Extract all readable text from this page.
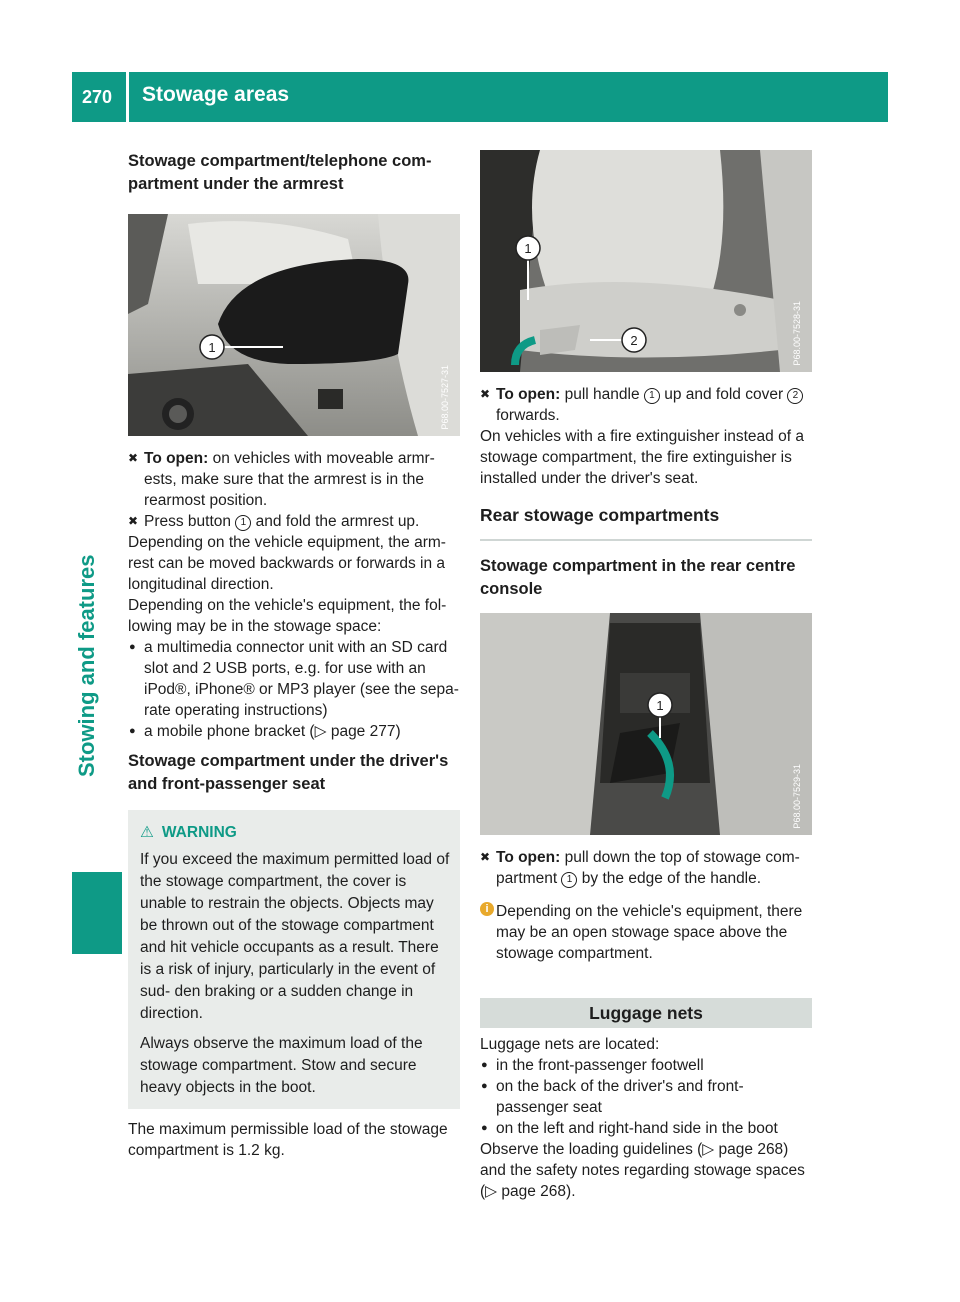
270 Stowage areas
Stowing and features
Stowage compartment/telephone com- partment under the armrest
1
P68.00-7527-31
✖ To open: on vehicles with moveable armr- ests, make sure that the armrest is in the rearmost position.
✖ Press button 1 and fold the armrest up.

Depending on the vehicle equipment, the arm- rest can be moved backwards or forwards in a longitudinal direction.

Depending on the vehicle's equipment, the fol- lowing may be in the stowage space:

● a multimedia connector unit with an SD card slot and 2 USB ports, e.g. for use with an iPod®, iPhone® or MP3 player (see the sepa- rate operating instructions)
● a mobile phone bracket (▷ page 277)
Stowage compartment under the driver's and front-passenger seat
⚠ WARNING
If you exceed the maximum permitted load of the stowage compartment, the cover is unable to restrain the objects. Objects may be thrown out of the stowage compartment and hit vehicle occupants as a result. There is a risk of injury, particularly in the event of sud- den braking or a sudden change in direction.
Always observe the maximum load of the stowage compartment. Stow and secure heavy objects in the boot.

The maximum permissible load of the stowage compartment is 1.2 kg.

1
2	P68.00-7528-31
✖ To open: pull handle 1 up and fold cover 2 forwards.

On vehicles with a fire extinguisher instead of a stowage compartment, the fire extinguisher is installed under the driver's seat.

Rear stowage compartments
Stowage compartment in the rear centre console
1
P68.00-7529-31
✖ To open: pull down the top of stowage com- partment 1 by the edge of the handle.
i Depending on the vehicle's equipment, there may be an open stowage space above the stowage compartment.
Luggage nets

Luggage nets are located:

● in the front-passenger footwell
● on the back of the driver's and front- passenger seat
● on the left and right-hand side in the boot

Observe the loading guidelines (▷ page 268) and the safety notes regarding stowage spaces (▷ page 268).
